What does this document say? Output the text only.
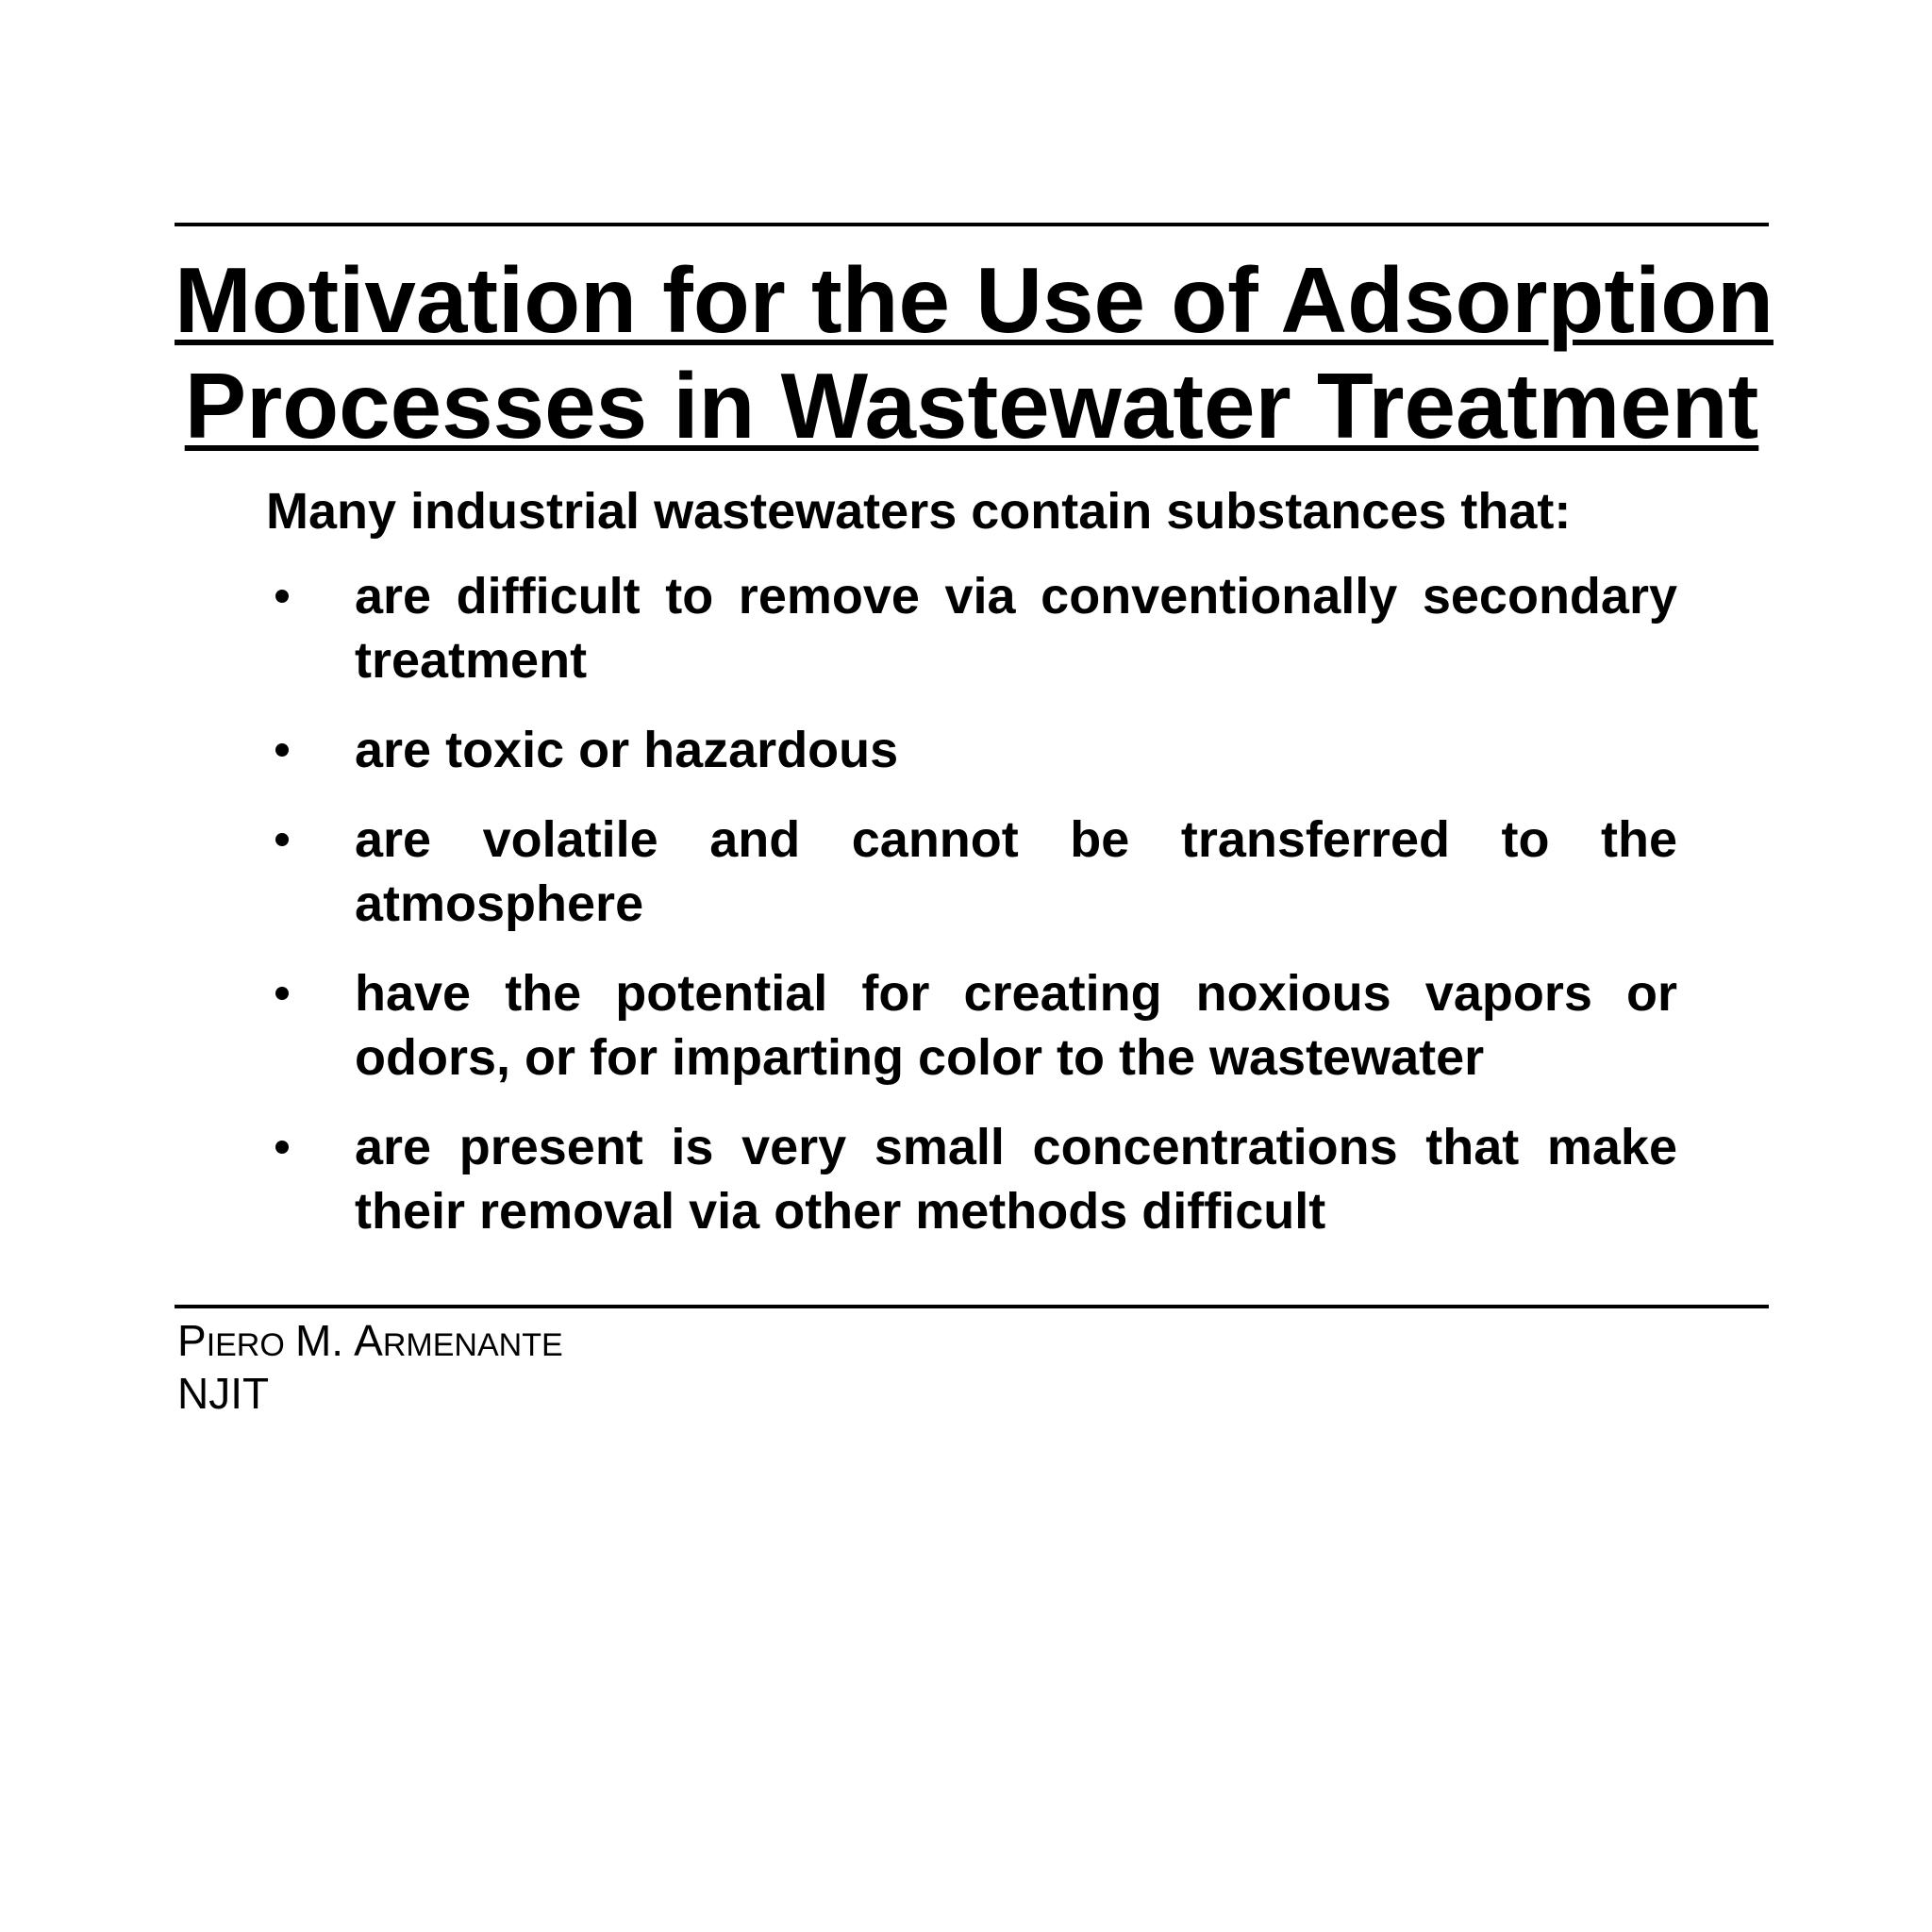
Motivation for the Use of Adsorption
Processes in Wastewater Treatment

Many industrial wastewaters contain substances that:

are difficult to remove via conventionally secondary treatment
are toxic or hazardous
are volatile and cannot be transferred to the atmosphere
have the potential for creating noxious vapors or odors, or for imparting color to the wastewater
are present is very small concentrations that make their removal via other methods difficult
PIERO M. ARMENANTE
NJIT
